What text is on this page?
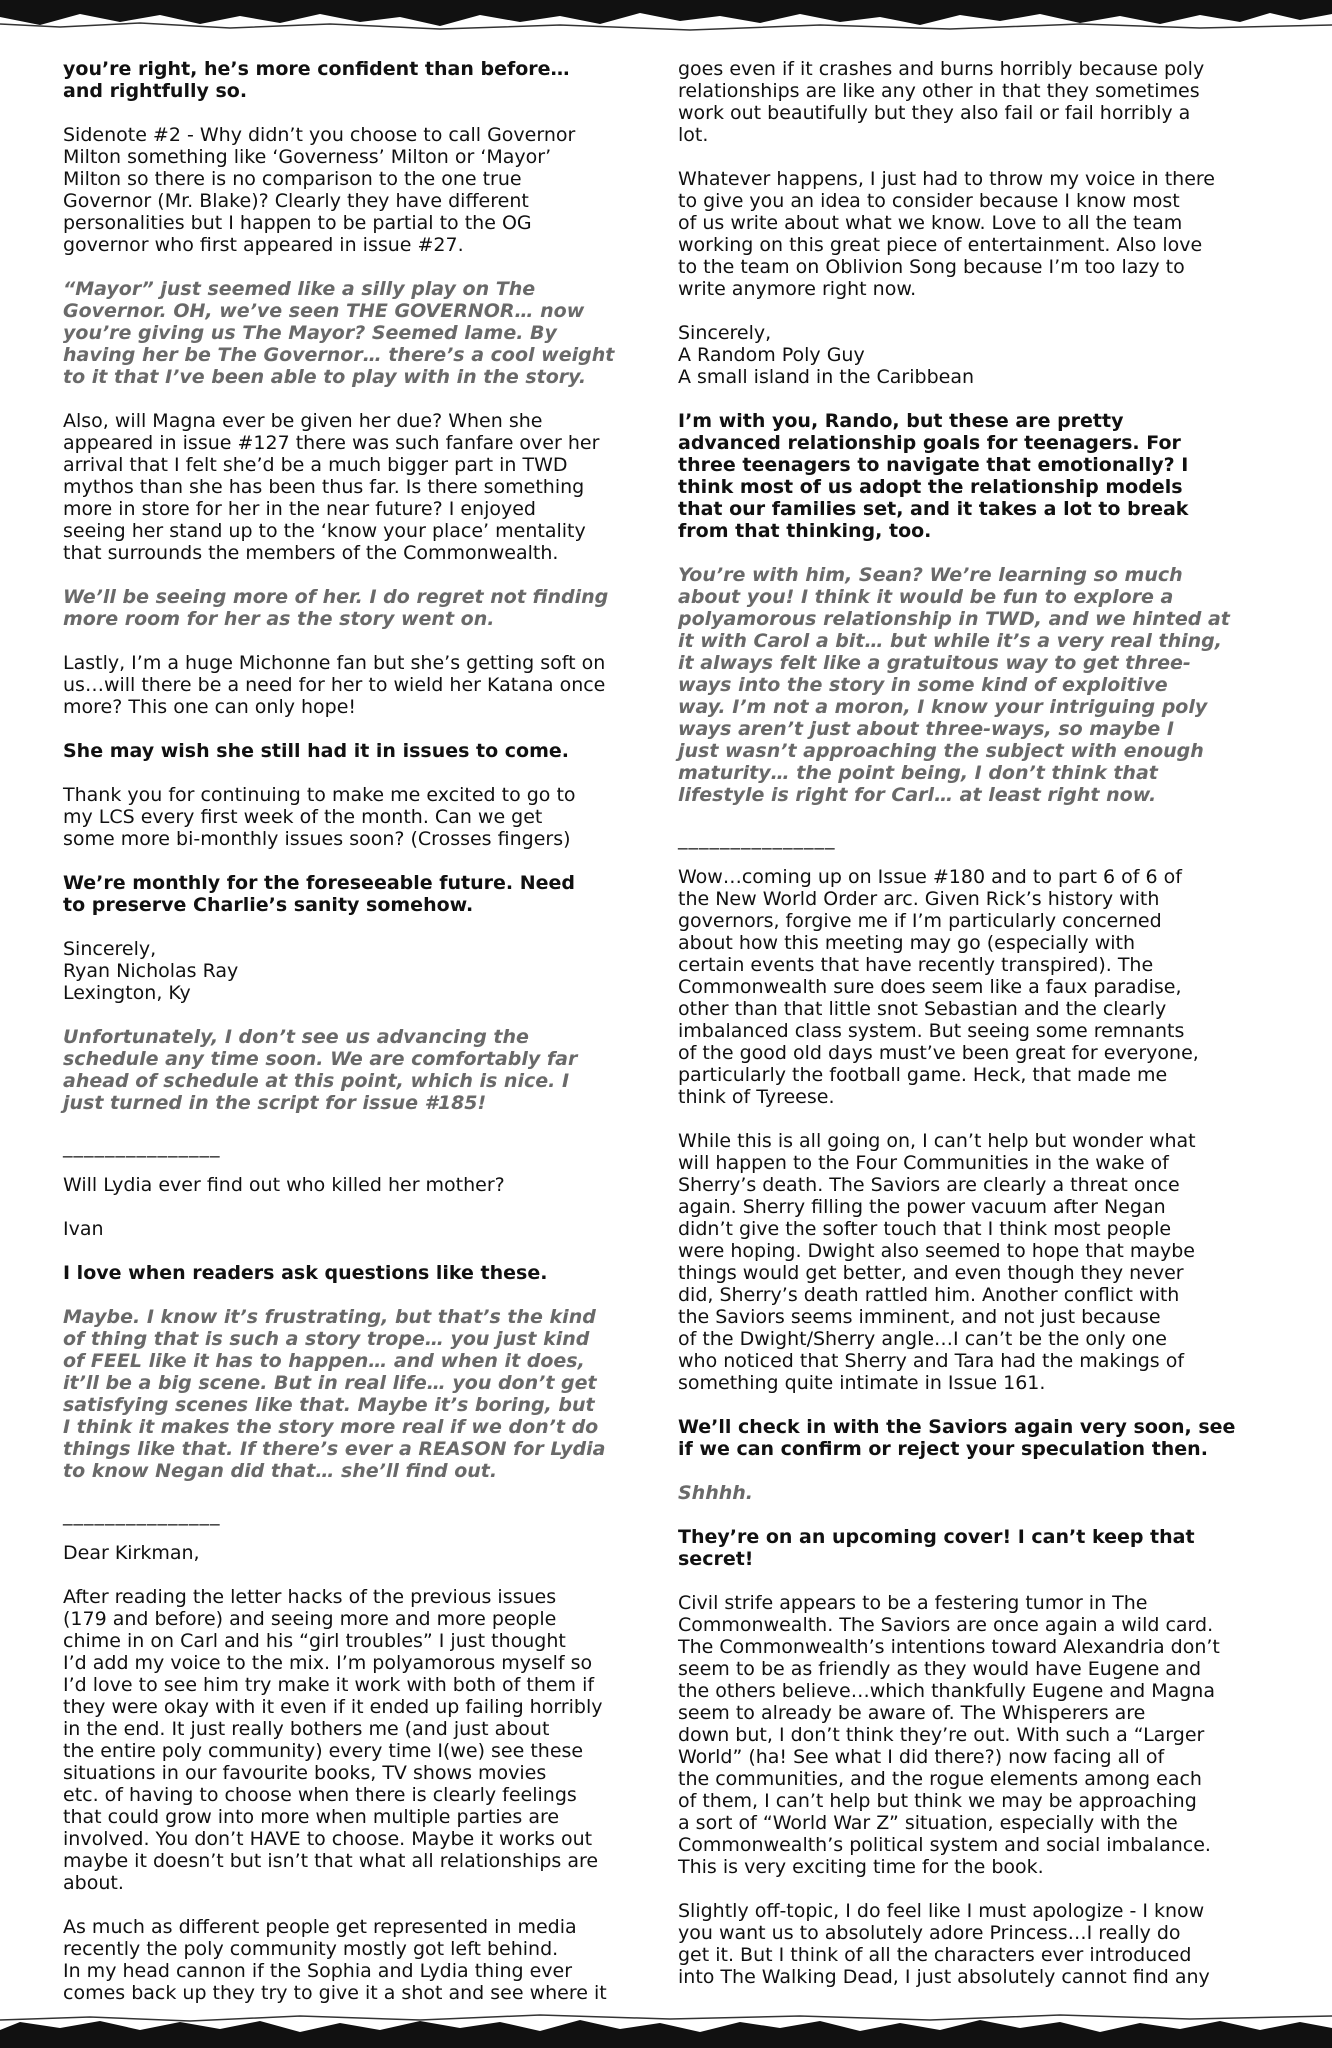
you’re right, he’s more confident than before…
and rightfully so.

Sidenote #2 - Why didn’t you choose to call Governor
Milton something like ‘Governess’ Milton or ‘Mayor’
Milton so there is no comparison to the one true
Governor (Mr. Blake)? Clearly they have different
personalities but I happen to be partial to the OG
governor who first appeared in issue #27.

“Mayor” just seemed like a silly play on The
Governor. OH, we’ve seen THE GOVERNOR… now
you’re giving us The Mayor? Seemed lame. By
having her be The Governor… there’s a cool weight
to it that I’ve been able to play with in the story.

Also, will Magna ever be given her due? When she
appeared in issue #127 there was such fanfare over her
arrival that I felt she’d be a much bigger part in TWD
mythos than she has been thus far. Is there something
more in store for her in the near future? I enjoyed
seeing her stand up to the ‘know your place’ mentality
that surrounds the members of the Commonwealth.

We’ll be seeing more of her. I do regret not finding
more room for her as the story went on.

Lastly, I’m a huge Michonne fan but she’s getting soft on
us…will there be a need for her to wield her Katana once
more? This one can only hope!

She may wish she still had it in issues to come.

Thank you for continuing to make me excited to go to
my LCS every first week of the month. Can we get
some more bi-monthly issues soon? (Crosses fingers)

We’re monthly for the foreseeable future. Need
to preserve Charlie’s sanity somehow.

Sincerely,
Ryan Nicholas Ray
Lexington, Ky

Unfortunately, I don’t see us advancing the
schedule any time soon. We are comfortably far
ahead of schedule at this point, which is nice. I
just turned in the script for issue #185!

_______________

Will Lydia ever find out who killed her mother?

Ivan

I love when readers ask questions like these.

Maybe. I know it’s frustrating, but that’s the kind
of thing that is such a story trope… you just kind
of FEEL like it has to happen… and when it does,
it’ll be a big scene. But in real life… you don’t get
satisfying scenes like that. Maybe it’s boring, but
I think it makes the story more real if we don’t do
things like that. If there’s ever a REASON for Lydia
to know Negan did that… she’ll find out.

_______________

Dear Kirkman,

After reading the letter hacks of the previous issues
(179 and before) and seeing more and more people
chime in on Carl and his “girl troubles” I just thought
I’d add my voice to the mix. I’m polyamorous myself so
I’d love to see him try make it work with both of them if
they were okay with it even if it ended up failing horribly
in the end. It just really bothers me (and just about
the entire poly community) every time I(we) see these
situations in our favourite books, TV shows movies
etc. of having to choose when there is clearly feelings
that could grow into more when multiple parties are
involved. You don’t HAVE to choose. Maybe it works out
maybe it doesn’t but isn’t that what all relationships are
about.

As much as different people get represented in media
recently the poly community mostly got left behind.
In my head cannon if the Sophia and Lydia thing ever
comes back up they try to give it a shot and see where it

goes even if it crashes and burns horribly because poly
relationships are like any other in that they sometimes
work out beautifully but they also fail or fail horribly a
lot.

Whatever happens, I just had to throw my voice in there
to give you an idea to consider because I know most
of us write about what we know. Love to all the team
working on this great piece of entertainment. Also love
to the team on Oblivion Song because I’m too lazy to
write anymore right now.

Sincerely,
A Random Poly Guy
A small island in the Caribbean

I’m with you, Rando, but these are pretty
advanced relationship goals for teenagers. For
three teenagers to navigate that emotionally? I
think most of us adopt the relationship models
that our families set, and it takes a lot to break
from that thinking, too.

You’re with him, Sean? We’re learning so much
about you! I think it would be fun to explore a
polyamorous relationship in TWD, and we hinted at
it with Carol a bit… but while it’s a very real thing,
it always felt like a gratuitous way to get three-
ways into the story in some kind of exploitive
way. I’m not a moron, I know your intriguing poly
ways aren’t just about three-ways, so maybe I
just wasn’t approaching the subject with enough
maturity… the point being, I don’t think that
lifestyle is right for Carl… at least right now.

_______________

Wow…coming up on Issue #180 and to part 6 of 6 of
the New World Order arc. Given Rick’s history with
governors, forgive me if I’m particularly concerned
about how this meeting may go (especially with
certain events that have recently transpired). The
Commonwealth sure does seem like a faux paradise,
other than that little snot Sebastian and the clearly
imbalanced class system. But seeing some remnants
of the good old days must’ve been great for everyone,
particularly the football game. Heck, that made me
think of Tyreese.

While this is all going on, I can’t help but wonder what
will happen to the Four Communities in the wake of
Sherry’s death. The Saviors are clearly a threat once
again. Sherry filling the power vacuum after Negan
didn’t give the softer touch that I think most people
were hoping. Dwight also seemed to hope that maybe
things would get better, and even though they never
did, Sherry’s death rattled him. Another conflict with
the Saviors seems imminent, and not just because
of the Dwight/Sherry angle…I can’t be the only one
who noticed that Sherry and Tara had the makings of
something quite intimate in Issue 161.

We’ll check in with the Saviors again very soon, see
if we can confirm or reject your speculation then.

Shhhh.

They’re on an upcoming cover! I can’t keep that
secret!

Civil strife appears to be a festering tumor in The
Commonwealth. The Saviors are once again a wild card.
The Commonwealth’s intentions toward Alexandria don’t
seem to be as friendly as they would have Eugene and
the others believe…which thankfully Eugene and Magna
seem to already be aware of. The Whisperers are
down but, I don’t think they’re out. With such a “Larger
World” (ha! See what I did there?) now facing all of
the communities, and the rogue elements among each
of them, I can’t help but think we may be approaching
a sort of “World War Z” situation, especially with the
Commonwealth’s political system and social imbalance.
This is very exciting time for the book.

Slightly off-topic, I do feel like I must apologize - I know
you want us to absolutely adore Princess…I really do
get it. But I think of all the characters ever introduced
into The Walking Dead, I just absolutely cannot find any
